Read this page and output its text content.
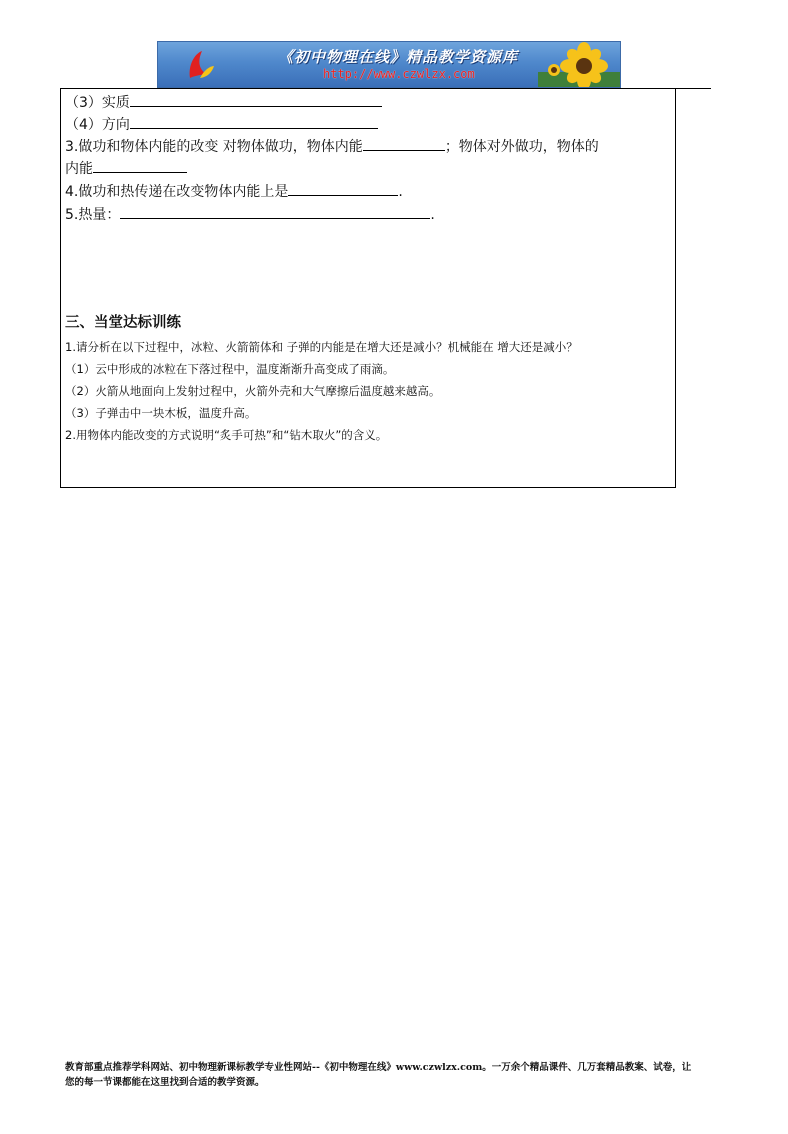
《初中物理在线》精品教学资源库
http://www.czwlzx.com
（3）实质
（4）方向
3.做功和物体内能的改变 对物体做功，物体内能	；物体对外做功，物体的
内能
4.做功和热传递在改变物体内能上是	.
5.热量：	.
三、当堂达标训练
1.请分析在以下过程中，冰粒、火箭箭体和 子弹的内能是在增大还是减小？机械能在 增大还是减小？
（1）云中形成的冰粒在下落过程中，温度渐渐升高变成了雨滴。
（2）火箭从地面向上发射过程中，火箭外壳和大气摩擦后温度越来越高。
（3）子弹击中一块木板，温度升高。
2.用物体内能改变的方式说明“炙手可热”和“钻木取火”的含义。
教育部重点推荐学科网站、初中物理新课标教学专业性网站--《初中物理在线》www.czwlzx.com。一万余个精品课件、几万套精品教案、试卷，让
您的每一节课都能在这里找到合适的教学资源。
